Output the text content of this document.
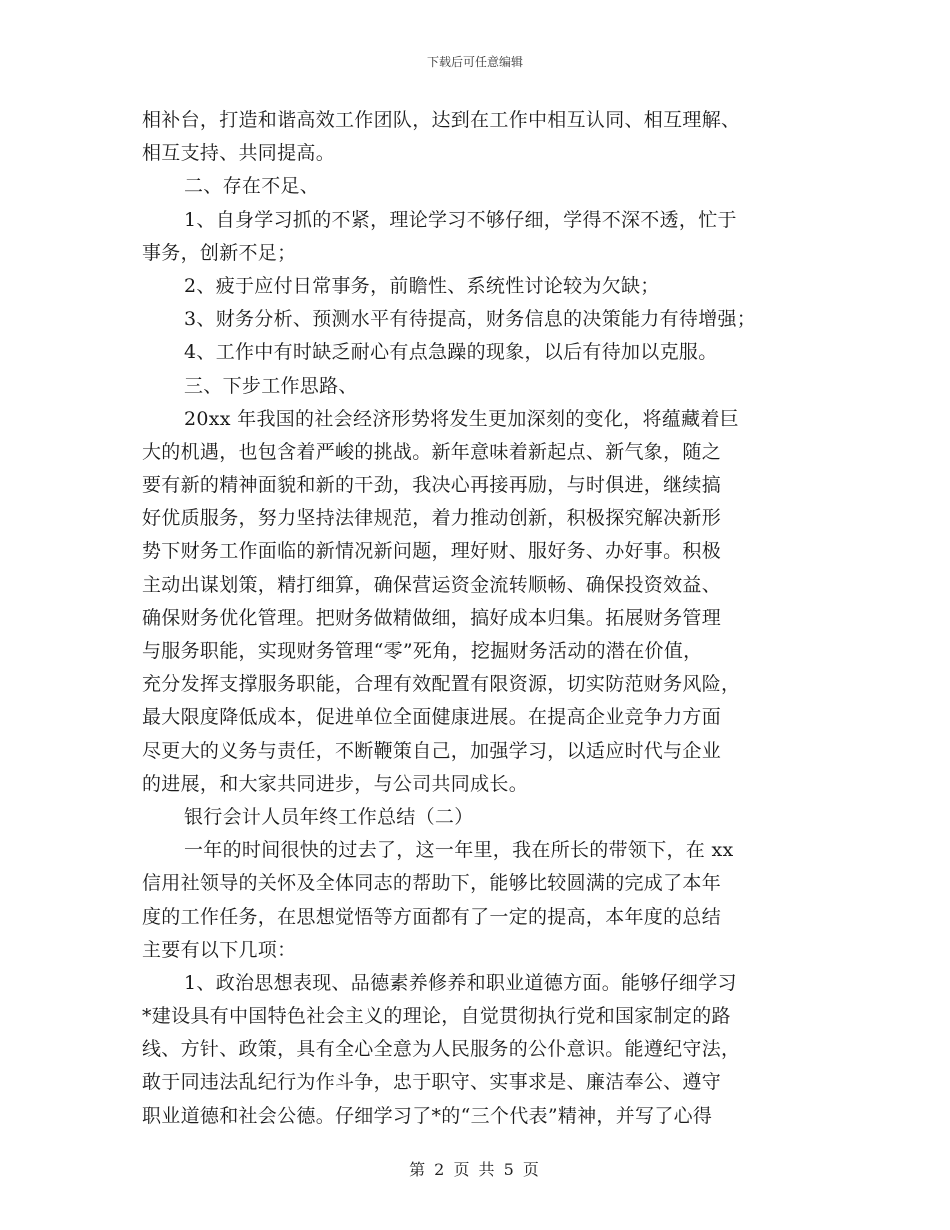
下载后可任意编辑
相补台，打造和谐高效工作团队，达到在工作中相互认同、相互理解、
相互支持、共同提高。
二、存在不足、
1、自身学习抓的不紧，理论学习不够仔细，学得不深不透，忙于
事务，创新不足；
2、疲于应付日常事务，前瞻性、系统性讨论较为欠缺；
3、财务分析、预测水平有待提高，财务信息的决策能力有待增强；
4、工作中有时缺乏耐心有点急躁的现象，以后有待加以克服。
三、下步工作思路、
20xx 年我国的社会经济形势将发生更加深刻的变化，将蕴藏着巨
大的机遇，也包含着严峻的挑战。新年意味着新起点、新气象，随之
要有新的精神面貌和新的干劲，我决心再接再励，与时俱进，继续搞
好优质服务，努力坚持法律规范，着力推动创新，积极探究解决新形
势下财务工作面临的新情况新问题，理好财、服好务、办好事。积极
主动出谋划策，精打细算，确保营运资金流转顺畅、确保投资效益、
确保财务优化管理。把财务做精做细，搞好成本归集。拓展财务管理
与服务职能，实现财务管理“零”死角，挖掘财务活动的潜在价值，
充分发挥支撑服务职能，合理有效配置有限资源，切实防范财务风险，
最大限度降低成本，促进单位全面健康进展。在提高企业竞争力方面
尽更大的义务与责任，不断鞭策自己，加强学习，以适应时代与企业
的进展，和大家共同进步，与公司共同成长。
银行会计人员年终工作总结（二）
一年的时间很快的过去了，这一年里，我在所长的带领下，在 xx
信用社领导的关怀及全体同志的帮助下，能够比较圆满的完成了本年
度的工作任务，在思想觉悟等方面都有了一定的提高，本年度的总结
主要有以下几项：
1、政治思想表现、品德素养修养和职业道德方面。能够仔细学习
*建设具有中国特色社会主义的理论，自觉贯彻执行党和国家制定的路
线、方针、政策，具有全心全意为人民服务的公仆意识。能遵纪守法，
敢于同违法乱纪行为作斗争，忠于职守、实事求是、廉洁奉公、遵守
职业道德和社会公德。仔细学习了*的“三个代表”精神，并写了心得
第 2 页 共 5 页
